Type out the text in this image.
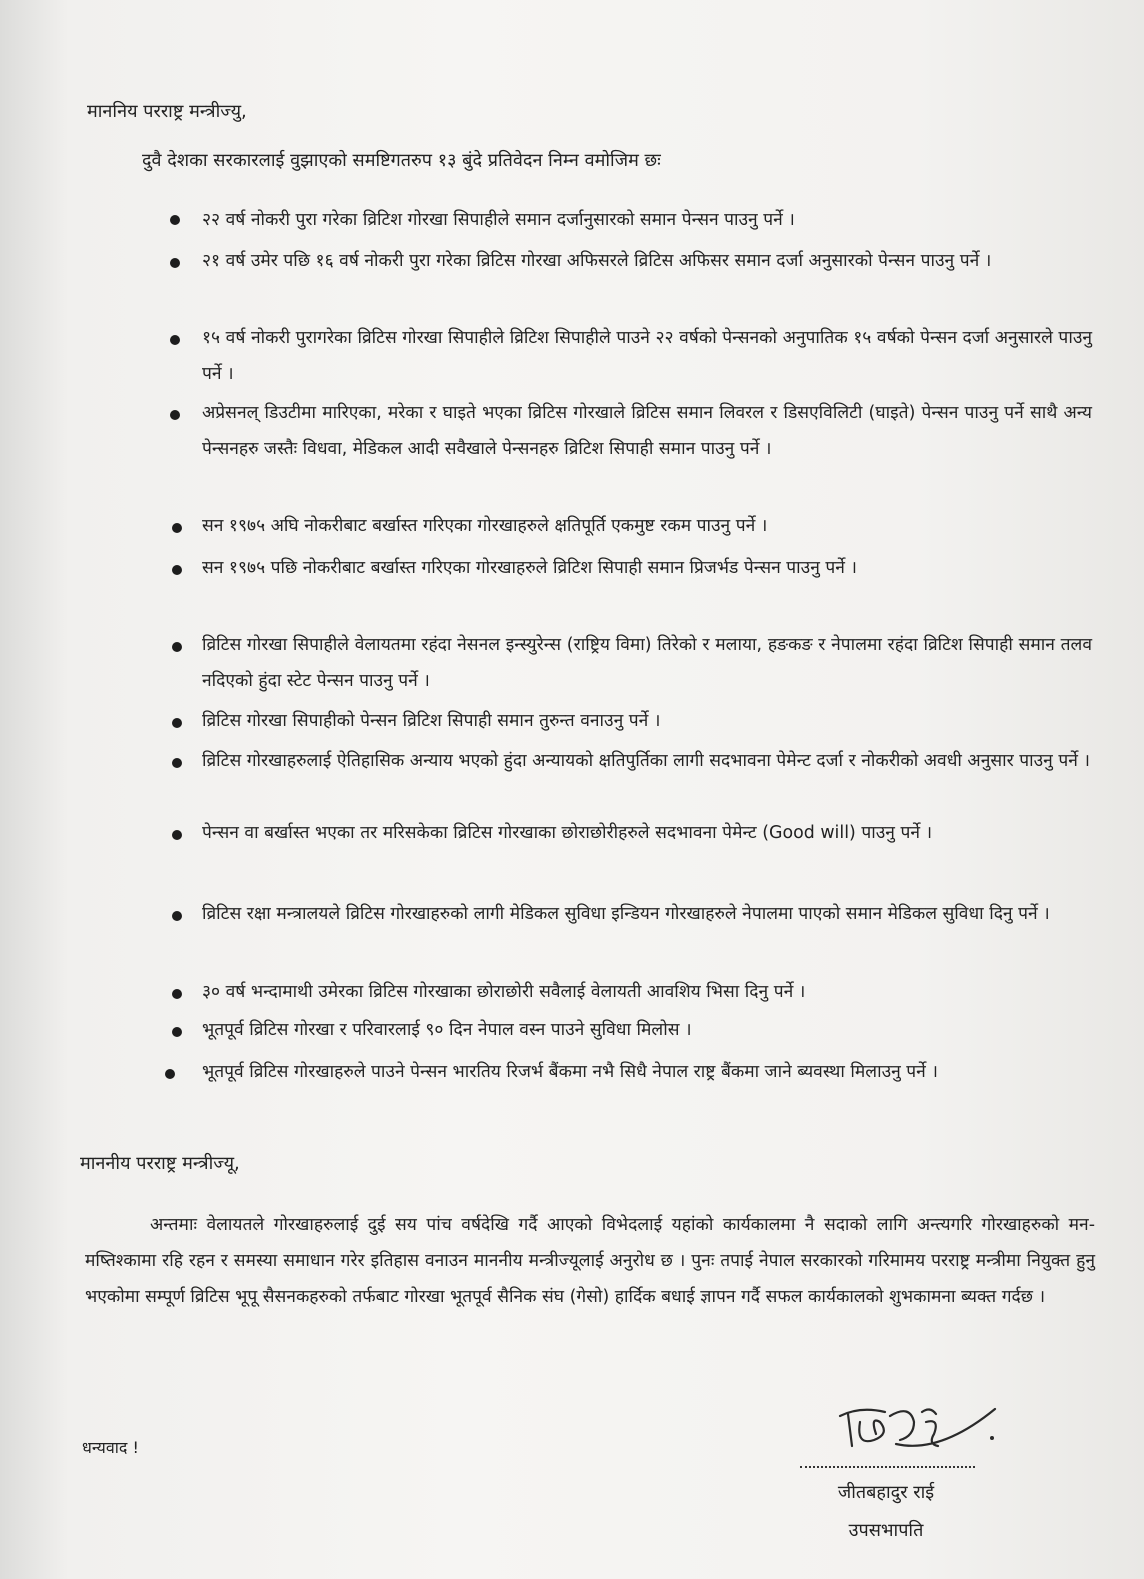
माननिय परराष्ट्र मन्त्रीज्यु,
दुवै देशका सरकारलाई वुझाएको समष्टिगतरुप १३ बुंदे प्रतिवेदन निम्न वमोजिम छः
२२ वर्ष नोकरी पुरा गरेका व्रिटिश गोरखा सिपाहीले समान दर्जानुसारको समान पेन्सन पाउनु पर्ने ।
२१ वर्ष उमेर पछि १६ वर्ष नोकरी पुरा गरेका व्रिटिस गोरखा अफिसरले व्रिटिस अफिसर समान दर्जा अनुसारको पेन्सन पाउनु पर्ने ।
१५ वर्ष नोकरी पुरागरेका व्रिटिस गोरखा सिपाहीले व्रिटिश सिपाहीले पाउने २२ वर्षको पेन्सनको अनुपातिक १५ वर्षको पेन्सन दर्जा अनुसारले पाउनु पर्ने ।
अप्रेसनल् डिउटीमा मारिएका, मरेका र घाइते भएका व्रिटिस गोरखाले व्रिटिस समान लिवरल र डिसएविलिटी (घाइते) पेन्सन पाउनु पर्ने साथै अन्य पेन्सनहरु जस्तैः विधवा, मेडिकल आदी सवैखाले पेन्सनहरु व्रिटिश सिपाही समान पाउनु पर्ने ।
सन १९७५ अघि नोकरीबाट बर्खास्त गरिएका गोरखाहरुले क्षतिपूर्ति एकमुष्ट रकम पाउनु पर्ने ।
सन १९७५ पछि नोकरीबाट बर्खास्त गरिएका गोरखाहरुले व्रिटिश सिपाही समान प्रिजर्भड पेन्सन पाउनु पर्ने ।
व्रिटिस गोरखा सिपाहीले वेलायतमा रहंदा नेसनल इन्स्युरेन्स (राष्ट्रिय विमा) तिरेको र मलाया, हङकङ र नेपालमा रहंदा व्रिटिश सिपाही समान तलव नदिएको हुंदा स्टेट पेन्सन पाउनु पर्ने ।
व्रिटिस गोरखा सिपाहीको पेन्सन व्रिटिश सिपाही समान तुरुन्त वनाउनु पर्ने ।
व्रिटिस गोरखाहरुलाई ऐतिहासिक अन्याय भएको हुंदा अन्यायको क्षतिपुर्तिका लागी सदभावना पेमेन्ट दर्जा र नोकरीको अवधी अनुसार पाउनु पर्ने ।
पेन्सन वा बर्खास्त भएका तर मरिसकेका व्रिटिस गोरखाका छोराछोरीहरुले सदभावना पेमेन्ट (Good will) पाउनु पर्ने ।
व्रिटिस रक्षा मन्त्रालयले व्रिटिस गोरखाहरुको लागी मेडिकल सुविधा इन्डियन गोरखाहरुले नेपालमा पाएको समान मेडिकल सुविधा दिनु पर्ने ।
३० वर्ष भन्दामाथी उमेरका व्रिटिस गोरखाका छोराछोरी सवैलाई वेलायती आवशिय भिसा दिनु पर्ने ।
भूतपूर्व व्रिटिस गोरखा र परिवारलाई ९० दिन नेपाल वस्न पाउने सुविधा मिलोस ।
भूतपूर्व व्रिटिस गोरखाहरुले पाउने पेन्सन भारतिय रिजर्भ बैंकमा नभै सिधै नेपाल राष्ट्र बैंकमा जाने ब्यवस्था मिलाउनु पर्ने ।
माननीय परराष्ट्र मन्त्रीज्यू,
अन्तमाः वेलायतले गोरखाहरुलाई दुई सय पांच वर्षदेखि गर्दै आएको विभेदलाई यहांको कार्यकालमा नै सदाको लागि अन्त्यगरि गोरखाहरुको मन-मष्तिश्कामा रहि रहन र समस्या समाधान गरेर इतिहास वनाउन माननीय मन्त्रीज्यूलाई अनुरोध छ । पुनः तपाई नेपाल सरकारको गरिमामय परराष्ट्र मन्त्रीमा नियुक्त हुनु भएकोमा सम्पूर्ण व्रिटिस भूपू सैसनकहरुको तर्फबाट गोरखा भूतपूर्व सैनिक संघ (गेसो) हार्दिक बधाई ज्ञापन गर्दै सफल कार्यकालको शुभकामना ब्यक्त गर्दछ ।
धन्यवाद !
जीतबहादुर राई
उपसभापति
